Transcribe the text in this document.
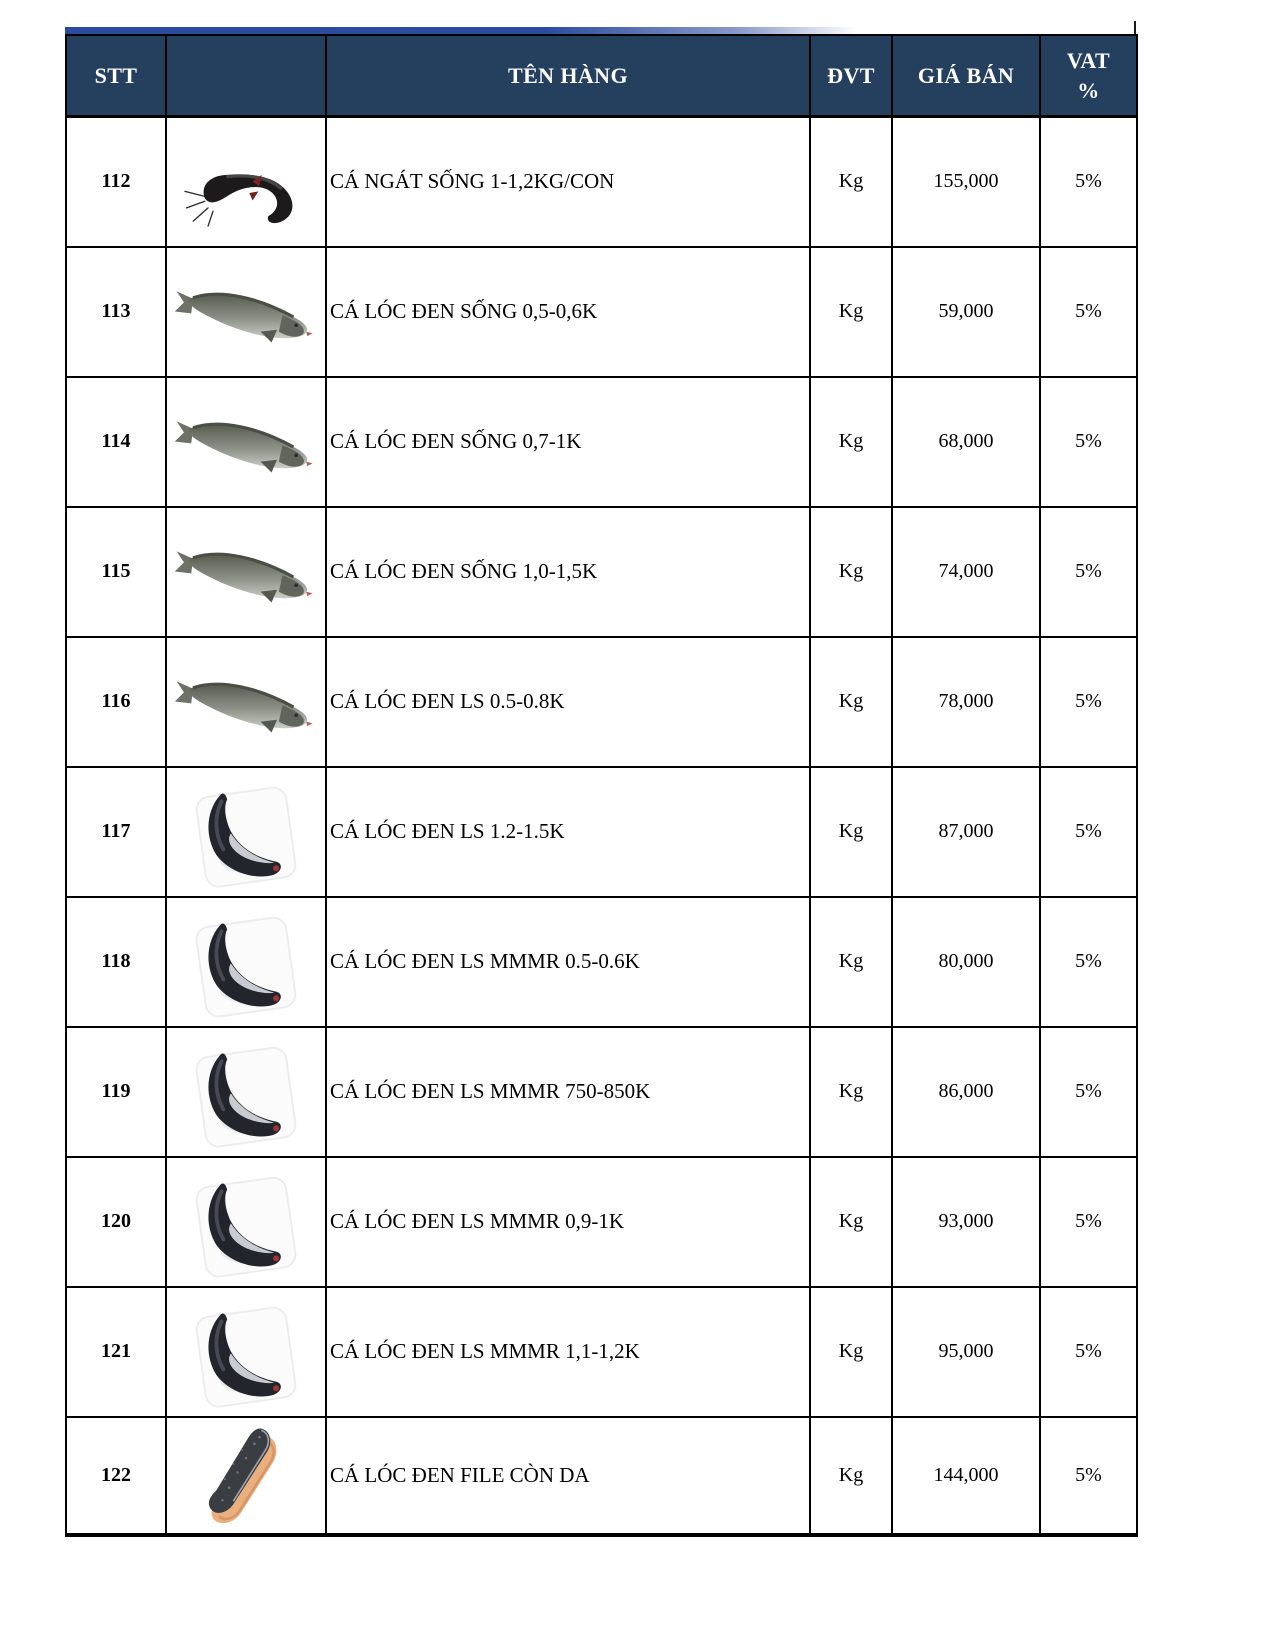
STT		TÊN HÀNG	ĐVT	GIÁ BÁN	VAT %
112		CÁ NGÁT SỐNG 1-1,2KG/CON	Kg	155,000	5%
113		CÁ LÓC ĐEN SỐNG 0,5-0,6K	Kg	59,000	5%
114		CÁ LÓC ĐEN SỐNG 0,7-1K	Kg	68,000	5%
115		CÁ LÓC ĐEN SỐNG 1,0-1,5K	Kg	74,000	5%
116		CÁ LÓC ĐEN LS 0.5-0.8K	Kg	78,000	5%
117		CÁ LÓC ĐEN LS 1.2-1.5K	Kg	87,000	5%
118		CÁ LÓC ĐEN LS MMMR 0.5-0.6K	Kg	80,000	5%
119		CÁ LÓC ĐEN LS MMMR 750-850K	Kg	86,000	5%
120		CÁ LÓC ĐEN LS MMMR 0,9-1K	Kg	93,000	5%
121		CÁ LÓC ĐEN LS MMMR 1,1-1,2K	Kg	95,000	5%
122		CÁ LÓC ĐEN FILE CÒN DA	Kg	144,000	5%
